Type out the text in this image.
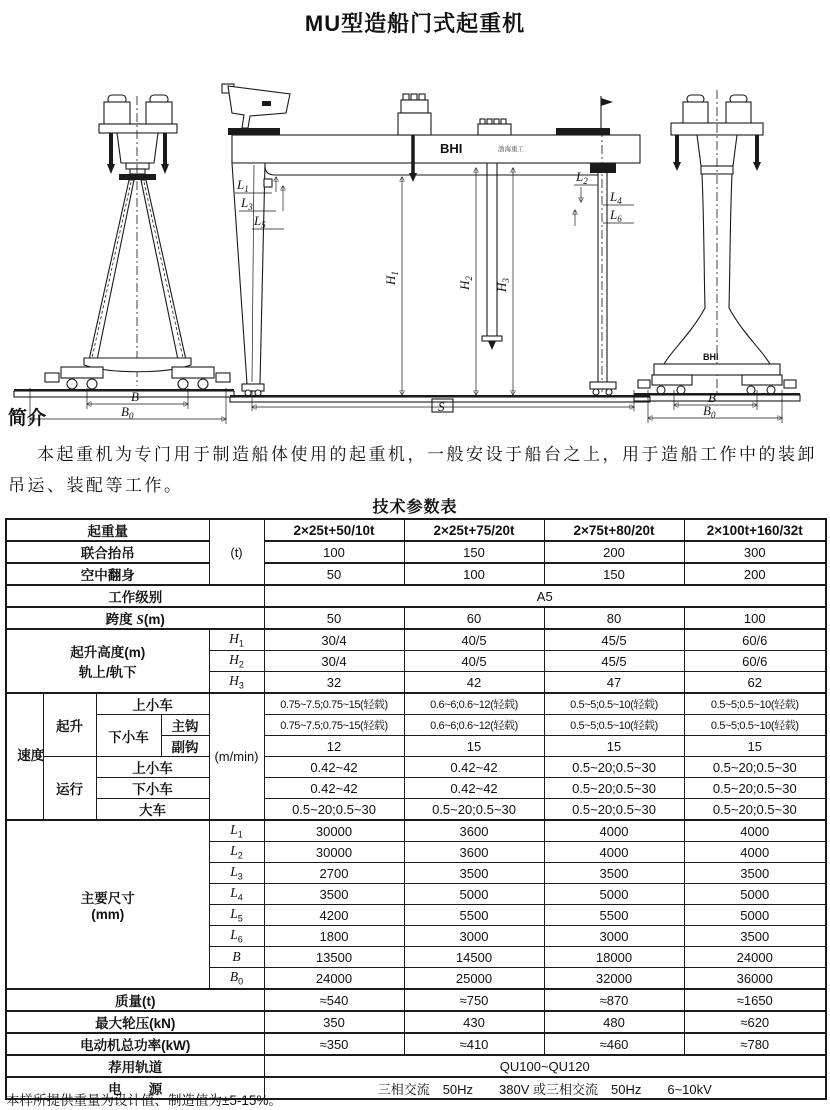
MU型造船门式起重机
B
$B_0$
BHI	渤海重工
$L_1$
$L_3$
$L_5$
$L_2$
$L_4$
$L_6$
$H_1$
$H_2$
$H_3$
S
BHI
B
$B_0$
简介
本起重机为专门用于制造船体使用的起重机，一般安设于船台之上，用于造船工作中的装卸
吊运、装配等工作。
技术参数表
起重量				(t)	2×25t+50/10t	2×25t+75/20t	2×75t+80/20t	2×100t+160/32t
联合抬吊					100	150	200	300
空中翻身					50	100	150	200
工作级别					A5			
跨度 S(m)					50	60	80	100

起升高度(m)
轨上/轨下				$H_1$	30/4	40/5	45/5	60/6
				$H_2$	30/4	40/5	45/5	60/6
				$H_3$	32	42	47	62
速度	起升	上小车		(m/min)	0.75~7.5;0.75~15(轻载)	0.6~6;0.6~12(轻载)	0.5~5;0.5~10(轻载)	0.5~5;0.5~10(轻载)
		下小车	主钩		0.75~7.5;0.75~15(轻载)	0.6~6;0.6~12(轻载)	0.5~5;0.5~10(轻载)	0.5~5;0.5~10(轻载)
			副钩		12	15	15	15
	运行	上小车			0.42~42	0.42~42	0.5~20;0.5~30	0.5~20;0.5~30
		下小车			0.42~42	0.42~42	0.5~20;0.5~30	0.5~20;0.5~30
		大车			0.5~20;0.5~30	0.5~20;0.5~30	0.5~20;0.5~30	0.5~20;0.5~30

主要尺寸
(mm)				$L_1$	30000	3600	4000	4000
				$L_2$	30000	3600	4000	4000
				$L_3$	2700	3500	3500	3500
				$L_4$	3500	5000	5000	5000
				$L_5$	4200	5500	5500	5000
				$L_6$	1800	3000	3000	3500
				B	13500	14500	18000	24000
				$B_0$	24000	25000	32000	36000
质量(t)					≈540	≈750	≈870	≈1650
最大轮压(kN)					350	430	480	≈620
电动机总功率(kW)					≈350	≈410	≈460	≈780
荐用轨道					QU100~QU120			
电　　源					三相交流　50Hz　　380V 或三相交流　50Hz　　6~10kV			
本样所提供重量为设计值、制造值为±5-15%。
